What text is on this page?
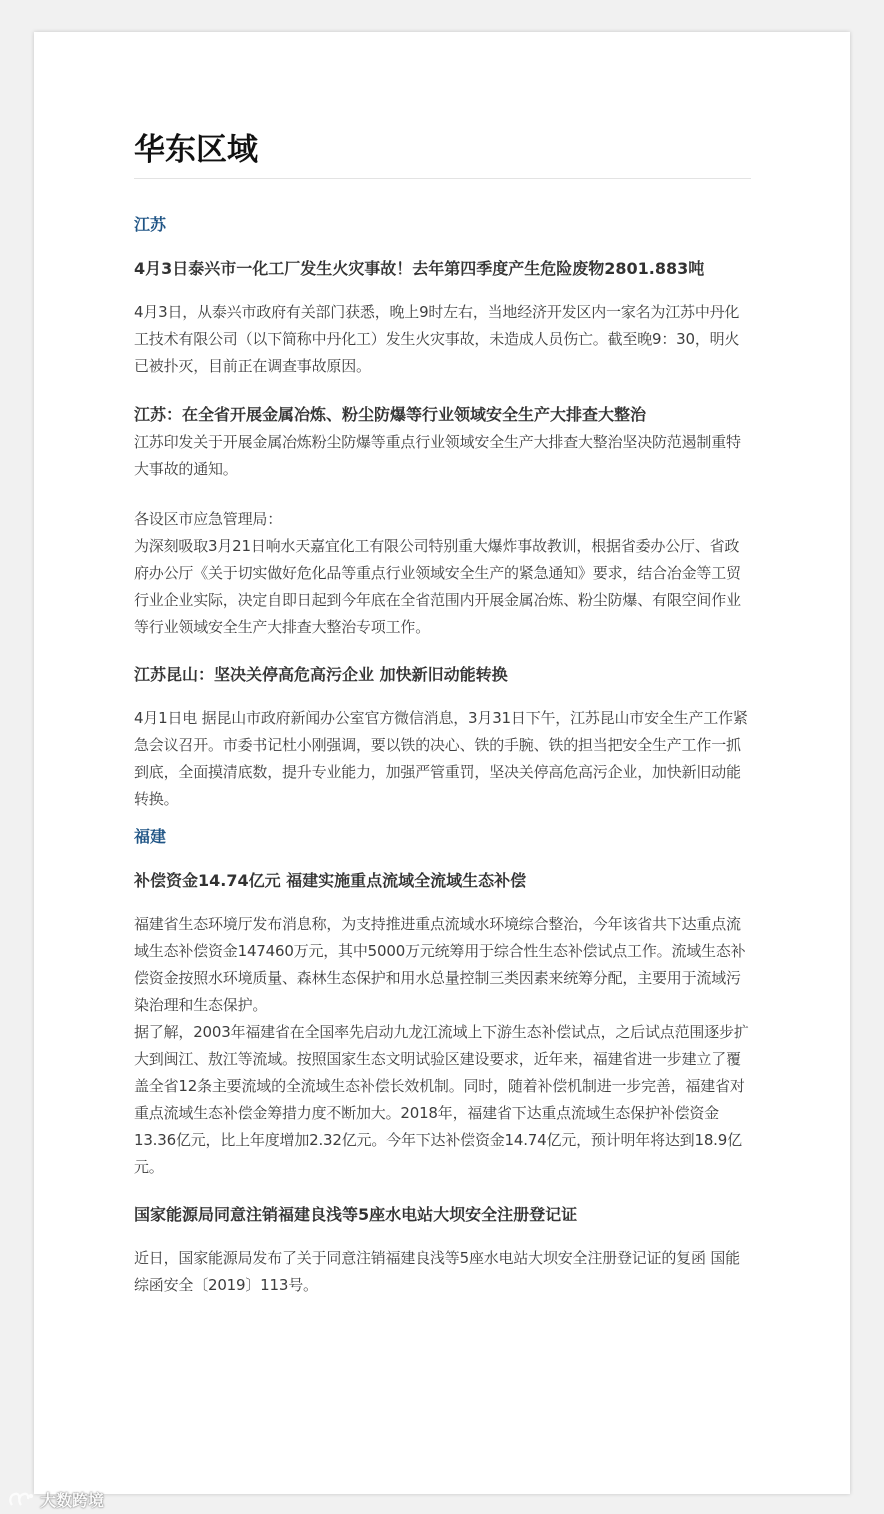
华东区域

江苏

4月3日泰兴市一化工厂发生火灾事故！去年第四季度产生危险废物2801.883吨

4月3日，从泰兴市政府有关部门获悉，晚上9时左右，当地经济开发区内一家名为江苏中丹化工技术有限公司（以下简称中丹化工）发生火灾事故，未造成人员伤亡。截至晚9：30，明火已被扑灭，目前正在调查事故原因。

江苏：在全省开展金属冶炼、粉尘防爆等行业领域安全生产大排查大整治

江苏印发关于开展金属冶炼粉尘防爆等重点行业领域安全生产大排查大整治坚决防范遏制重特大事故的通知。

各设区市应急管理局：

为深刻吸取3月21日响水天嘉宜化工有限公司特别重大爆炸事故教训，根据省委办公厅、省政府办公厅《关于切实做好危化品等重点行业领域安全生产的紧急通知》要求，结合冶金等工贸行业企业实际，决定自即日起到今年底在全省范围内开展金属冶炼、粉尘防爆、有限空间作业等行业领域安全生产大排查大整治专项工作。

江苏昆山：坚决关停高危高污企业 加快新旧动能转换

4月1日电 据昆山市政府新闻办公室官方微信消息，3月31日下午，江苏昆山市安全生产工作紧急会议召开。市委书记杜小刚强调，要以铁的决心、铁的手腕、铁的担当把安全生产工作一抓到底，全面摸清底数，提升专业能力，加强严管重罚，坚决关停高危高污企业，加快新旧动能转换。

福建

补偿资金14.74亿元 福建实施重点流域全流域生态补偿

福建省生态环境厅发布消息称，为支持推进重点流域水环境综合整治，今年该省共下达重点流域生态补偿资金147460万元，其中5000万元统筹用于综合性生态补偿试点工作。流域生态补偿资金按照水环境质量、森林生态保护和用水总量控制三类因素来统筹分配，主要用于流域污染治理和生态保护。

据了解，2003年福建省在全国率先启动九龙江流域上下游生态补偿试点，之后试点范围逐步扩大到闽江、敖江等流域。按照国家生态文明试验区建设要求，近年来，福建省进一步建立了覆盖全省12条主要流域的全流域生态补偿长效机制。同时，随着补偿机制进一步完善，福建省对重点流域生态补偿金筹措力度不断加大。2018年，福建省下达重点流域生态保护补偿资金13.36亿元，比上年度增加2.32亿元。今年下达补偿资金14.74亿元，预计明年将达到18.9亿元。

国家能源局同意注销福建良浅等5座水电站大坝安全注册登记证

近日，国家能源局发布了关于同意注销福建良浅等5座水电站大坝安全注册登记证的复函 国能综函安全〔2019〕113号。

大数跨境
